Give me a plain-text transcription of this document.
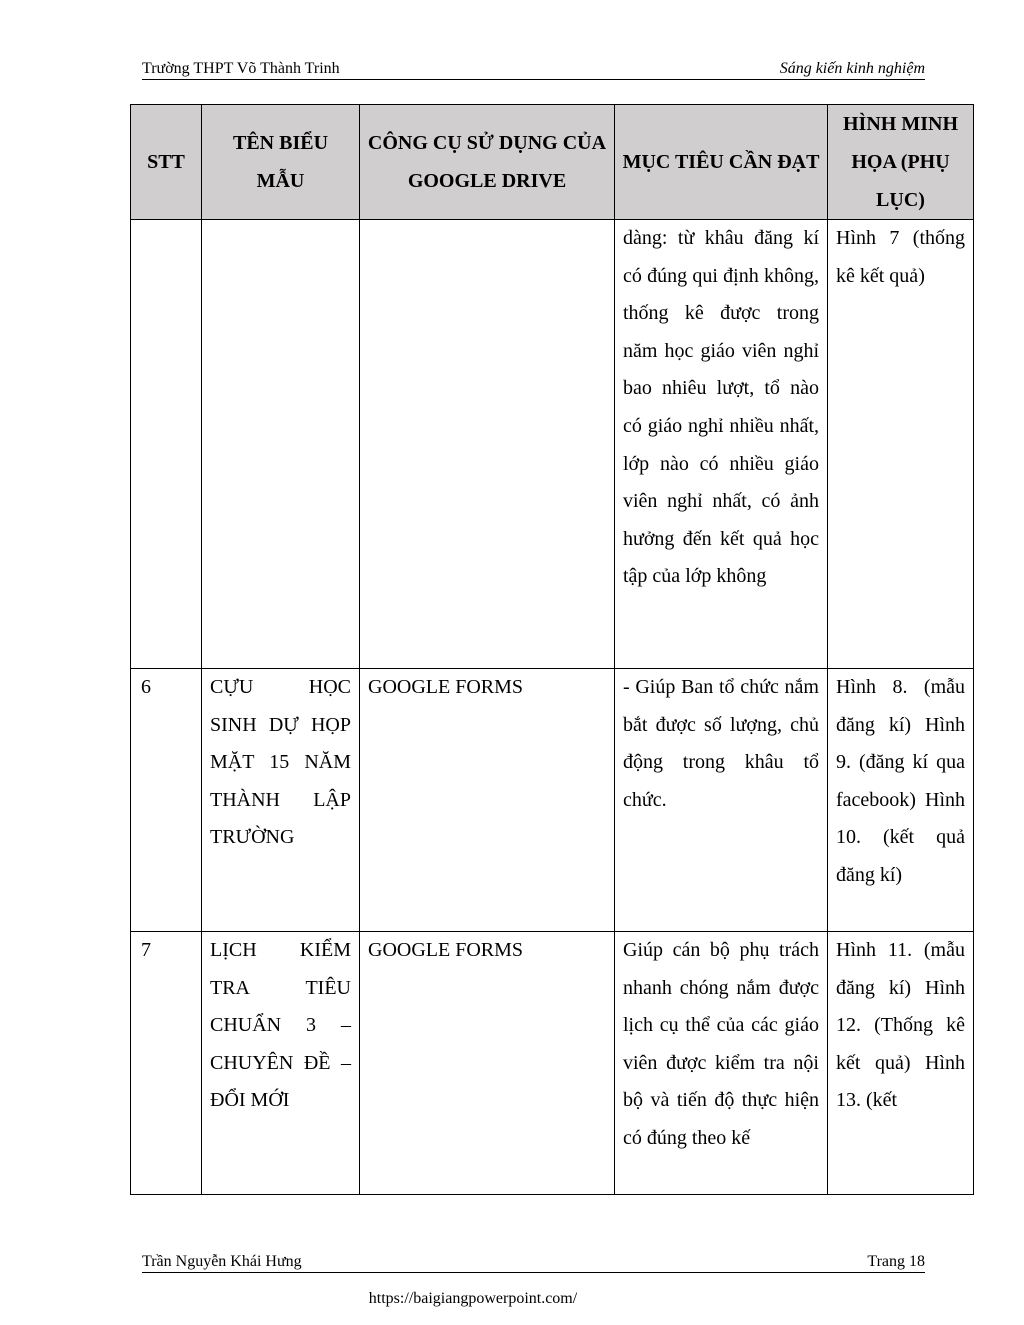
Trường THPT Võ Thành Trinh	Sáng kiến kinh nghiệm
STT	TÊN BIỂU MẪU	CÔNG CỤ SỬ DỤNG CỦA GOOGLE DRIVE	MỤC TIÊU CẦN ĐẠT	HÌNH MINH HỌA (PHỤ LỤC)
			dàng: từ khâu đăng kí có đúng qui định không, thống kê được trong năm học giáo viên nghỉ bao nhiêu lượt, tổ nào có giáo nghỉ nhiều nhất, lớp nào có nhiều giáo viên nghỉ nhất, có ảnh hưởng đến kết quả học tập của lớp không	Hình 7 (thống kê kết quả)
6	CỰU HỌC SINH DỰ HỌP MẶT 15 NĂM THÀNH LẬP TRƯỜNG	GOOGLE FORMS	- Giúp Ban tổ chức nắm bắt được số lượng, chủ động trong khâu tổ chức.	Hình 8. (mẫu đăng kí) Hình 9. (đăng kí qua facebook) Hình 10. (kết quả đăng kí)
7	LỊCH KIỂM TRA TIÊU CHUẨN 3 – CHUYÊN ĐỀ – ĐỔI MỚI	GOOGLE FORMS	Giúp cán bộ phụ trách nhanh chóng nắm được lịch cụ thể của các giáo viên được kiểm tra nội bộ và tiến độ thực hiện có đúng theo kế	Hình 11. (mẫu đăng kí) Hình 12. (Thống kê kết quả) Hình 13. (kết
Trần Nguyễn Khái Hưng	Trang 18
https://baigiangpowerpoint.com/
